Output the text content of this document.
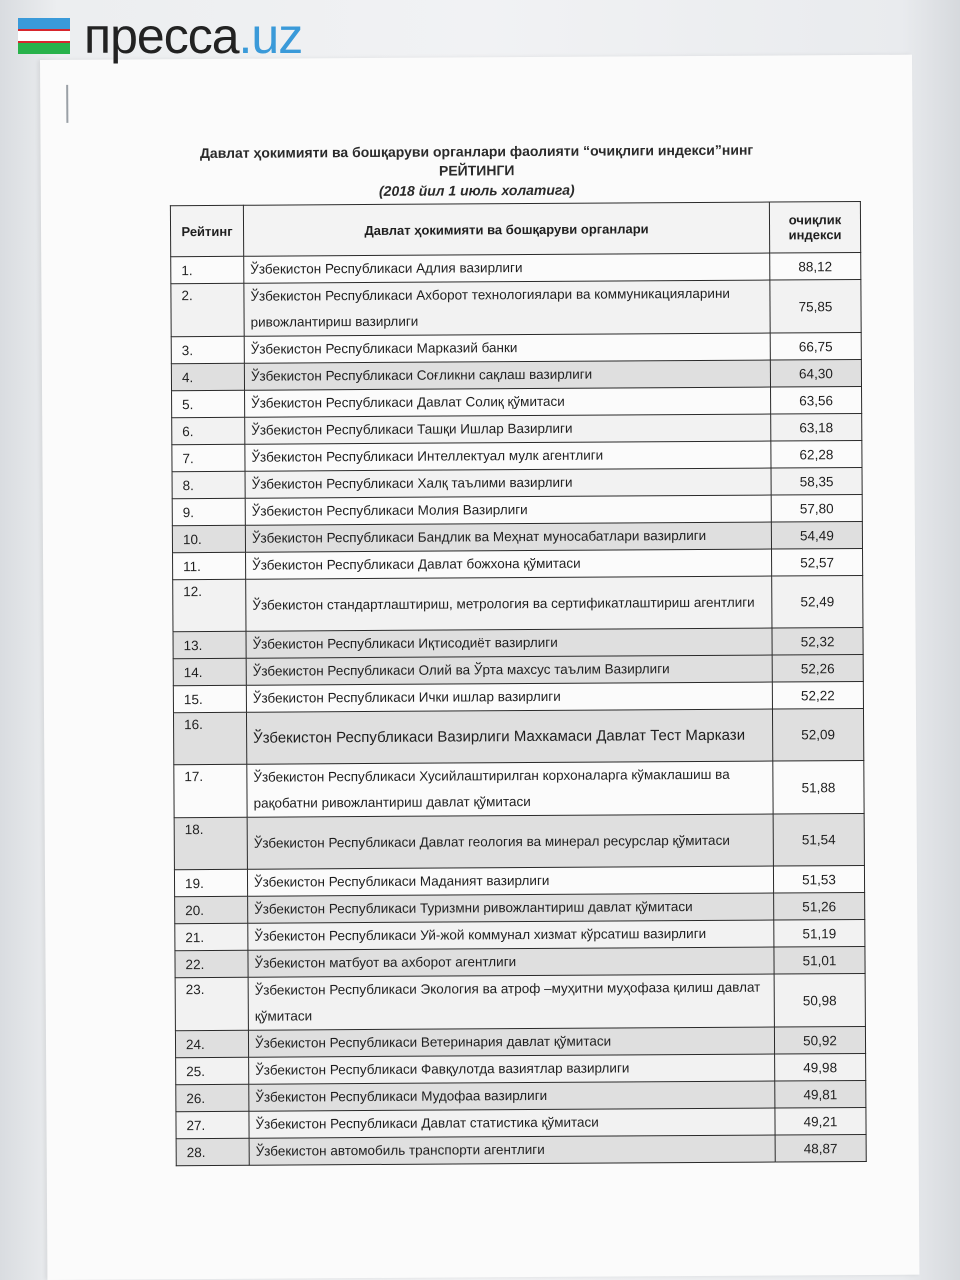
пресса .uz
Давлат ҳокимияти ва бошқаруви органлари фаолияти “очиқлиги индекси”нинг
РЕЙТИНГИ
(2018 йил 1 июль холатига)
Рейтинг	Давлат ҳокимияти ва бошқаруви органлари	очиқлик индекси
1.	Ўзбекистон Республикаси Адлия вазирлиги	88,12
2.	Ўзбекистон Республикаси Ахборот технологиялари ва коммуникацияларини ривожлантириш вазирлиги	75,85
3.	Ўзбекистон Республикаси Марказий банки	66,75
4.	Ўзбекистон Республикаси Соғликни сақлаш вазирлиги	64,30
5.	Ўзбекистон Республикаси Давлат Солиқ қўмитаси	63,56
6.	Ўзбекистон Республикаси Ташқи Ишлар Вазирлиги	63,18
7.	Ўзбекистон Республикаси Интеллектуал мулк агентлиги	62,28
8.	Ўзбекистон Республикаси Халқ таълими вазирлиги	58,35
9.	Ўзбекистон Республикаси Молия Вазирлиги	57,80
10.	Ўзбекистон Республикаси Бандлик ва Меҳнат муносабатлари вазирлиги	54,49
11.	Ўзбекистон Республикаси Давлат божхона қўмитаси	52,57
12.	Ўзбекистон стандартлаштириш, метрология ва сертификатлаштириш агентлиги	52,49
13.	Ўзбекистон Республикаси Иқтисодиёт вазирлиги	52,32
14.	Ўзбекистон Республикаси Олий ва Ўрта махсус таълим Вазирлиги	52,26
15.	Ўзбекистон Республикаси Ички ишлар вазирлиги	52,22
16.	Ўзбекистон Республикаси Вазирлиги Махкамаси Давлат Тест Маркази	52,09
17.	Ўзбекистон Республикаси Хусийлаштирилган корхоналарга кўмаклашиш ва рақобатни ривожлантириш давлат қўмитаси	51,88
18.	Ўзбекистон Республикаси Давлат геология ва минерал ресурслар қўмитаси	51,54
19.	Ўзбекистон Республикаси Маданият вазирлиги	51,53
20.	Ўзбекистон Республикаси Туризмни ривожлантириш давлат қўмитаси	51,26
21.	Ўзбекистон Республикаси Уй-жой коммунал хизмат кўрсатиш вазирлиги	51,19
22.	Ўзбекистон матбуот ва ахборот агентлиги	51,01
23.	Ўзбекистон Республикаси Экология ва атроф –муҳитни муҳофаза қилиш давлат қўмитаси	50,98
24.	Ўзбекистон Республикаси Ветеринария давлат қўмитаси	50,92
25.	Ўзбекистон Республикаси Фавқулотда вазиятлар вазирлиги	49,98
26.	Ўзбекистон Республикаси Мудофаа вазирлиги	49,81
27.	Ўзбекистон Республикаси Давлат статистика қўмитаси	49,21
28.	Ўзбекистон автомобиль транспорти агентлиги	48,87
